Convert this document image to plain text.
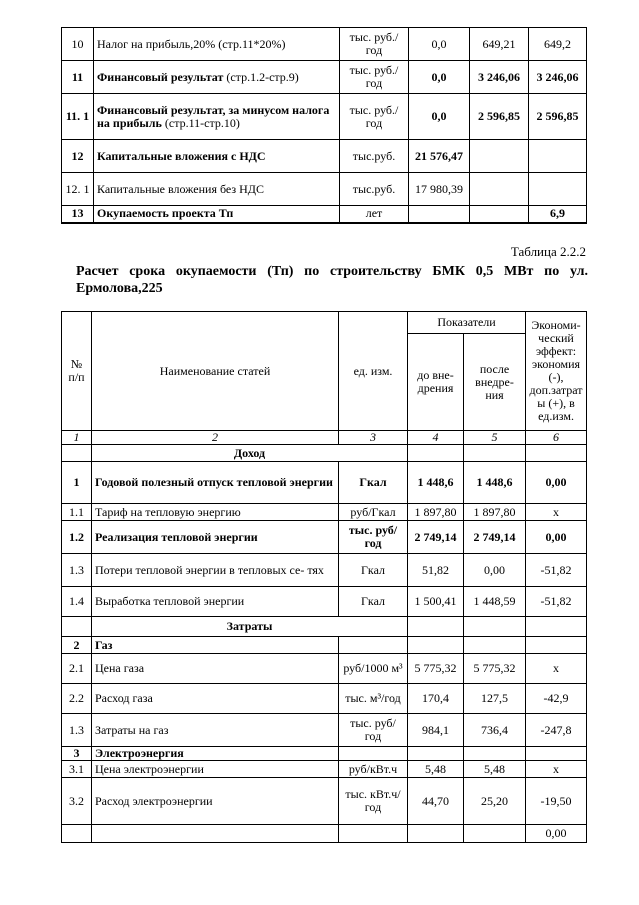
10	Налог на прибыль,20% (стр.11*20%)	тыс. руб./год	0,0	649,21	649,2
11	Финансовый результат (стр.1.2-стр.9)	тыс. руб./год	0,0	3 246,06	3 246,06
11. 1	Финансовый результат, за минусом налога на прибыль (стр.11-стр.10)	тыс. руб./год	0,0	2 596,85	2 596,85
12	Капитальные вложения с НДС	тыс.руб.	21 576,47		
12. 1	Капитальные вложения без НДС	тыс.руб.	17 980,39		
13	Окупаемость проекта Тп	лет			6,9
Таблица 2.2.2
Расчет срока окупаемости (Тп) по строительству БМК 0,5 МВт по ул.
Ермолова,225
№ п/п	Наименование статей	ед. изм.	Показатели		Экономи- ческий эффект: экономия (-), доп.затрат ы (+), в ед.изм.
			до вне- дрения	после внедре- ния	
1	2	3	4	5	6
	Доход				
1	Годовой полезный отпуск тепловой энергии	Гкал	1 448,6	1 448,6	0,00
1.1	Тариф на тепловую энергию	руб/Гкал	1 897,80	1 897,80	х
1.2	Реализация тепловой энергии	тыс. руб/год	2 749,14	2 749,14	0,00
1.3	Потери тепловой энергии в тепловых се- тях	Гкал	51,82	0,00	-51,82
1.4	Выработка тепловой энергии	Гкал	1 500,41	1 448,59	-51,82
	Затраты				
2	Газ				
2.1	Цена газа	руб/1000 м³	5 775,32	5 775,32	х
2.2	Расход газа	тыс. м³/год	170,4	127,5	-42,9
1.3	Затраты на газ	тыс. руб/год	984,1	736,4	-247,8
3	Электроэнергия				
3.1	Цена электроэнергии	руб/кВт.ч	5,48	5,48	х
3.2	Расход электроэнергии	тыс. кВт.ч/год	44,70	25,20	-19,50
					0,00
